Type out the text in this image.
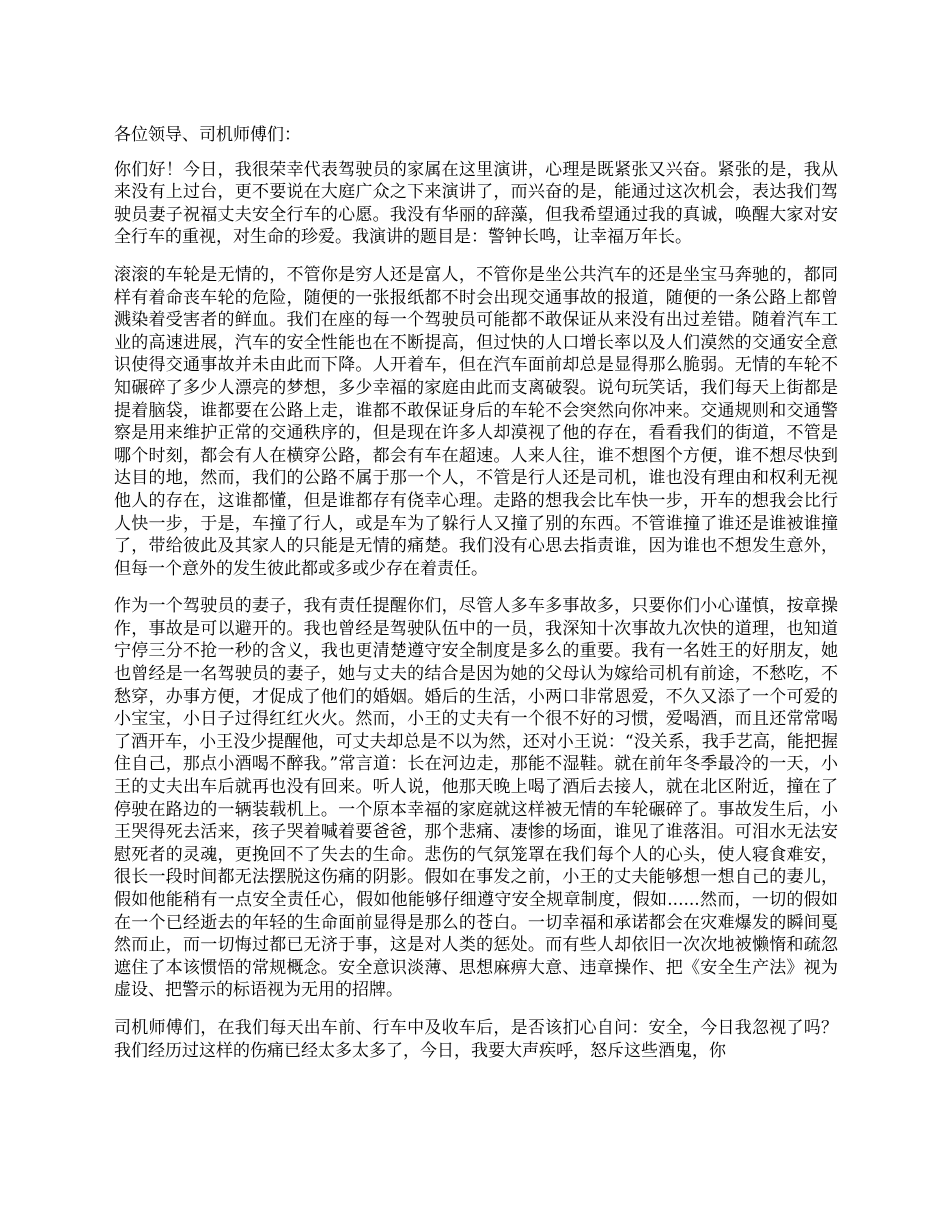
各位领导、司机师傅们：

你们好！今日，我很荣幸代表驾驶员的家属在这里演讲，心理是既紧张又兴奋。紧张的是，我从来没有上过台，更不要说在大庭广众之下来演讲了，而兴奋的是，能通过这次机会，表达我们驾驶员妻子祝福丈夫安全行车的心愿。我没有华丽的辞藻，但我希望通过我的真诚，唤醒大家对安全行车的重视，对生命的珍爱。我演讲的题目是：警钟长鸣，让幸福万年长。

滚滚的车轮是无情的，不管你是穷人还是富人，不管你是坐公共汽车的还是坐宝马奔驰的，都同样有着命丧车轮的危险，随便的一张报纸都不时会出现交通事故的报道，随便的一条公路上都曾溅染着受害者的鲜血。我们在座的每一个驾驶员可能都不敢保证从来没有出过差错。随着汽车工业的高速进展，汽车的安全性能也在不断提高，但过快的人口增长率以及人们漠然的交通安全意识使得交通事故并未由此而下降。人开着车，但在汽车面前却总是显得那么脆弱。无情的车轮不知碾碎了多少人漂亮的梦想，多少幸福的家庭由此而支离破裂。说句玩笑话，我们每天上街都是提着脑袋，谁都要在公路上走，谁都不敢保证身后的车轮不会突然向你冲来。交通规则和交通警察是用来维护正常的交通秩序的，但是现在许多人却漠视了他的存在，看看我们的街道，不管是哪个时刻，都会有人在横穿公路，都会有车在超速。人来人往，谁不想图个方便，谁不想尽快到达目的地，然而，我们的公路不属于那一个人，不管是行人还是司机，谁也没有理由和权利无视他人的存在，这谁都懂，但是谁都存有侥幸心理。走路的想我会比车快一步，开车的想我会比行人快一步，于是，车撞了行人，或是车为了躲行人又撞了别的东西。不管谁撞了谁还是谁被谁撞了，带给彼此及其家人的只能是无情的痛楚。我们没有心思去指责谁，因为谁也不想发生意外，但每一个意外的发生彼此都或多或少存在着责任。

作为一个驾驶员的妻子，我有责任提醒你们，尽管人多车多事故多，只要你们小心谨慎，按章操作，事故是可以避开的。我也曾经是驾驶队伍中的一员，我深知十次事故九次快的道理，也知道宁停三分不抢一秒的含义，我也更清楚遵守安全制度是多么的重要。我有一名姓王的好朋友，她也曾经是一名驾驶员的妻子，她与丈夫的结合是因为她的父母认为嫁给司机有前途，不愁吃，不愁穿，办事方便，才促成了他们的婚姻。婚后的生活，小两口非常恩爱，不久又添了一个可爱的小宝宝，小日子过得红红火火。然而，小王的丈夫有一个很不好的习惯，爱喝酒，而且还常常喝了酒开车，小王没少提醒他，可丈夫却总是不以为然，还对小王说：“没关系，我手艺高，能把握住自己，那点小酒喝不醉我。”常言道：长在河边走，那能不湿鞋。就在前年冬季最冷的一天，小王的丈夫出车后就再也没有回来。听人说，他那天晚上喝了酒后去接人，就在北区附近，撞在了停驶在路边的一辆装载机上。一个原本幸福的家庭就这样被无情的车轮碾碎了。事故发生后，小王哭得死去活来，孩子哭着喊着要爸爸，那个悲痛、凄惨的场面，谁见了谁落泪。可泪水无法安慰死者的灵魂，更挽回不了失去的生命。悲伤的气氛笼罩在我们每个人的心头，使人寝食难安，很长一段时间都无法摆脱这伤痛的阴影。假如在事发之前，小王的丈夫能够想一想自己的妻儿，假如他能稍有一点安全责任心，假如他能够仔细遵守安全规章制度，假如......然而，一切的假如在一个已经逝去的年轻的生命面前显得是那么的苍白。一切幸福和承诺都会在灾难爆发的瞬间戛然而止，而一切悔过都已无济于事，这是对人类的惩处。而有些人却依旧一次次地被懒惰和疏忽遮住了本该惯悟的常规概念。安全意识淡薄、思想麻痹大意、违章操作、把《安全生产法》视为虚设、把警示的标语视为无用的招牌。

司机师傅们，在我们每天出车前、行车中及收车后，是否该扪心自问：安全，今日我忽视了吗？我们经历过这样的伤痛已经太多太多了，今日，我要大声疾呼，怒斥这些酒鬼，你
